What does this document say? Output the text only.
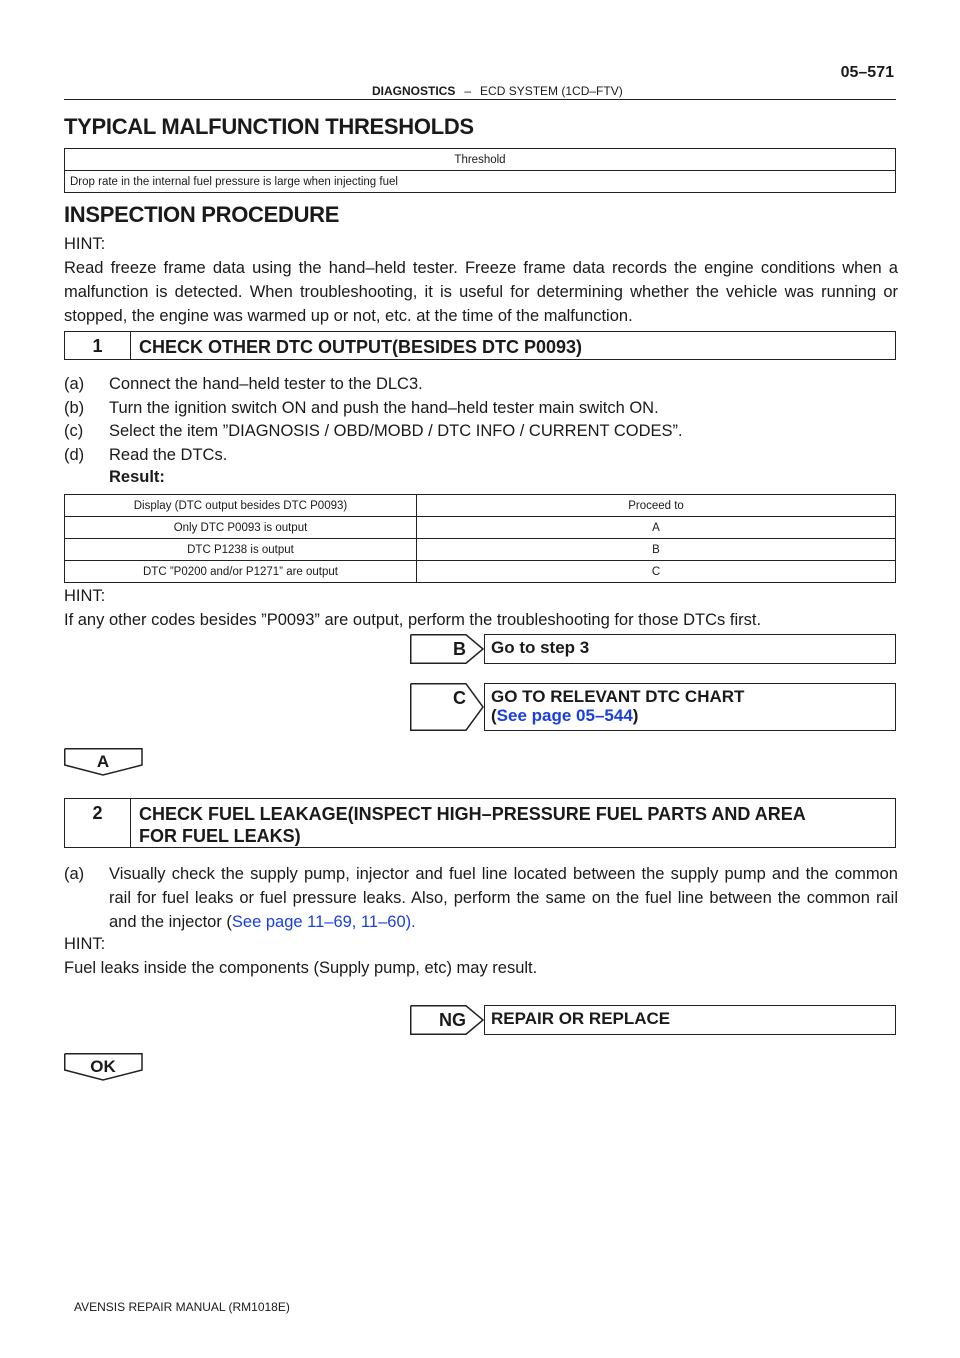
DIAGNOSTICS – ECD SYSTEM (1CD–FTV)
05–571
TYPICAL MALFUNCTION THRESHOLDS
Threshold
Drop rate in the internal fuel pressure is large when injecting fuel
INSPECTION PROCEDURE
HINT:
Read freeze frame data using the hand–held tester. Freeze frame data records the engine conditions when a malfunction is detected. When troubleshooting, it is useful for determining whether the vehicle was running or stopped, the engine was warmed up or not, etc. at the time of the malfunction.
1	CHECK OTHER DTC OUTPUT(BESIDES DTC P0093)
(a)	Connect the hand–held tester to the DLC3.
(b)	Turn the ignition switch ON and push the hand–held tester main switch ON.
(c)	Select the item ”DIAGNOSIS / OBD/MOBD / DTC INFO / CURRENT CODES”.
(d)	Read the DTCs.
Result:
Display (DTC output besides DTC P0093)	Proceed to
Only DTC P0093 is output	A
DTC P1238 is output	B
DTC ”P0200 and/or P1271” are output	C
HINT:
If any other codes besides ”P0093” are output, perform the troubleshooting for those DTCs first.
B	Go to step 3
C GO TO RELEVANT DTC CHART
(See page 05–544)
A
2	CHECK FUEL LEAKAGE(INSPECT HIGH–PRESSURE FUEL PARTS AND AREA
FOR FUEL LEAKS)
(a)	Visually check the supply pump, injector and fuel line located between the supply pump and the common rail for fuel leaks or fuel pressure leaks. Also, perform the same on the fuel line between the common rail and the injector (See page 11–69, 11–60).
HINT:
Fuel leaks inside the components (Supply pump, etc) may result.
NG	REPAIR OR REPLACE
OK
AVENSIS REPAIR MANUAL (RM1018E)
